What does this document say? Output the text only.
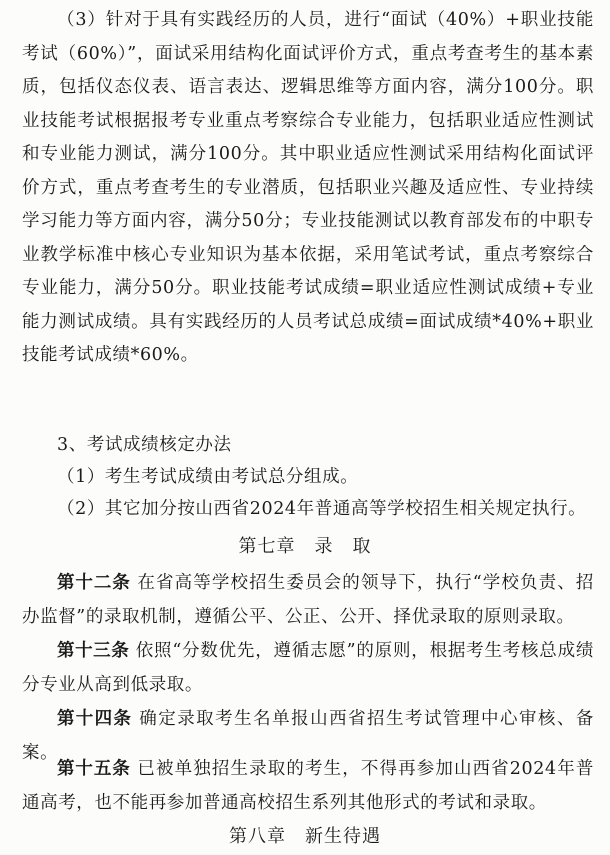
（3）针对于具有实践经历的人员，进行“面试（40%）+职业技能考试（60%）”，面试采用结构化面试评价方式，重点考查考生的基本素质，包括仪态仪表、语言表达、逻辑思维等方面内容，满分100分。职业技能考试根据报考专业重点考察综合专业能力，包括职业适应性测试和专业能力测试，满分100分。其中职业适应性测试采用结构化面试评价方式，重点考查考生的专业潜质，包括职业兴趣及适应性、专业持续学习能力等方面内容，满分50分；专业技能测试以教育部发布的中职专业教学标准中核心专业知识为基本依据，采用笔试考试，重点考察综合专业能力，满分50分。职业技能考试成绩=职业适应性测试成绩+专业能力测试成绩。具有实践经历的人员考试总成绩=面试成绩*40%+职业技能考试成绩*60%。

3、考试成绩核定办法

（1）考生考试成绩由考试总分组成。

（2）其它加分按山西省2024年普通高等学校招生相关规定执行。

第七章　录　取

第十二条 在省高等学校招生委员会的领导下，执行“学校负责、招办监督”的录取机制，遵循公平、公正、公开、择优录取的原则录取。

第十三条 依照“分数优先，遵循志愿”的原则，根据考生考核总成绩分专业从高到低录取。

第十四条 确定录取考生名单报山西省招生考试管理中心审核、备案。

第十五条 已被单独招生录取的考生，不得再参加山西省2024年普通高考，也不能再参加普通高校招生系列其他形式的考试和录取。

第八章　新生待遇
